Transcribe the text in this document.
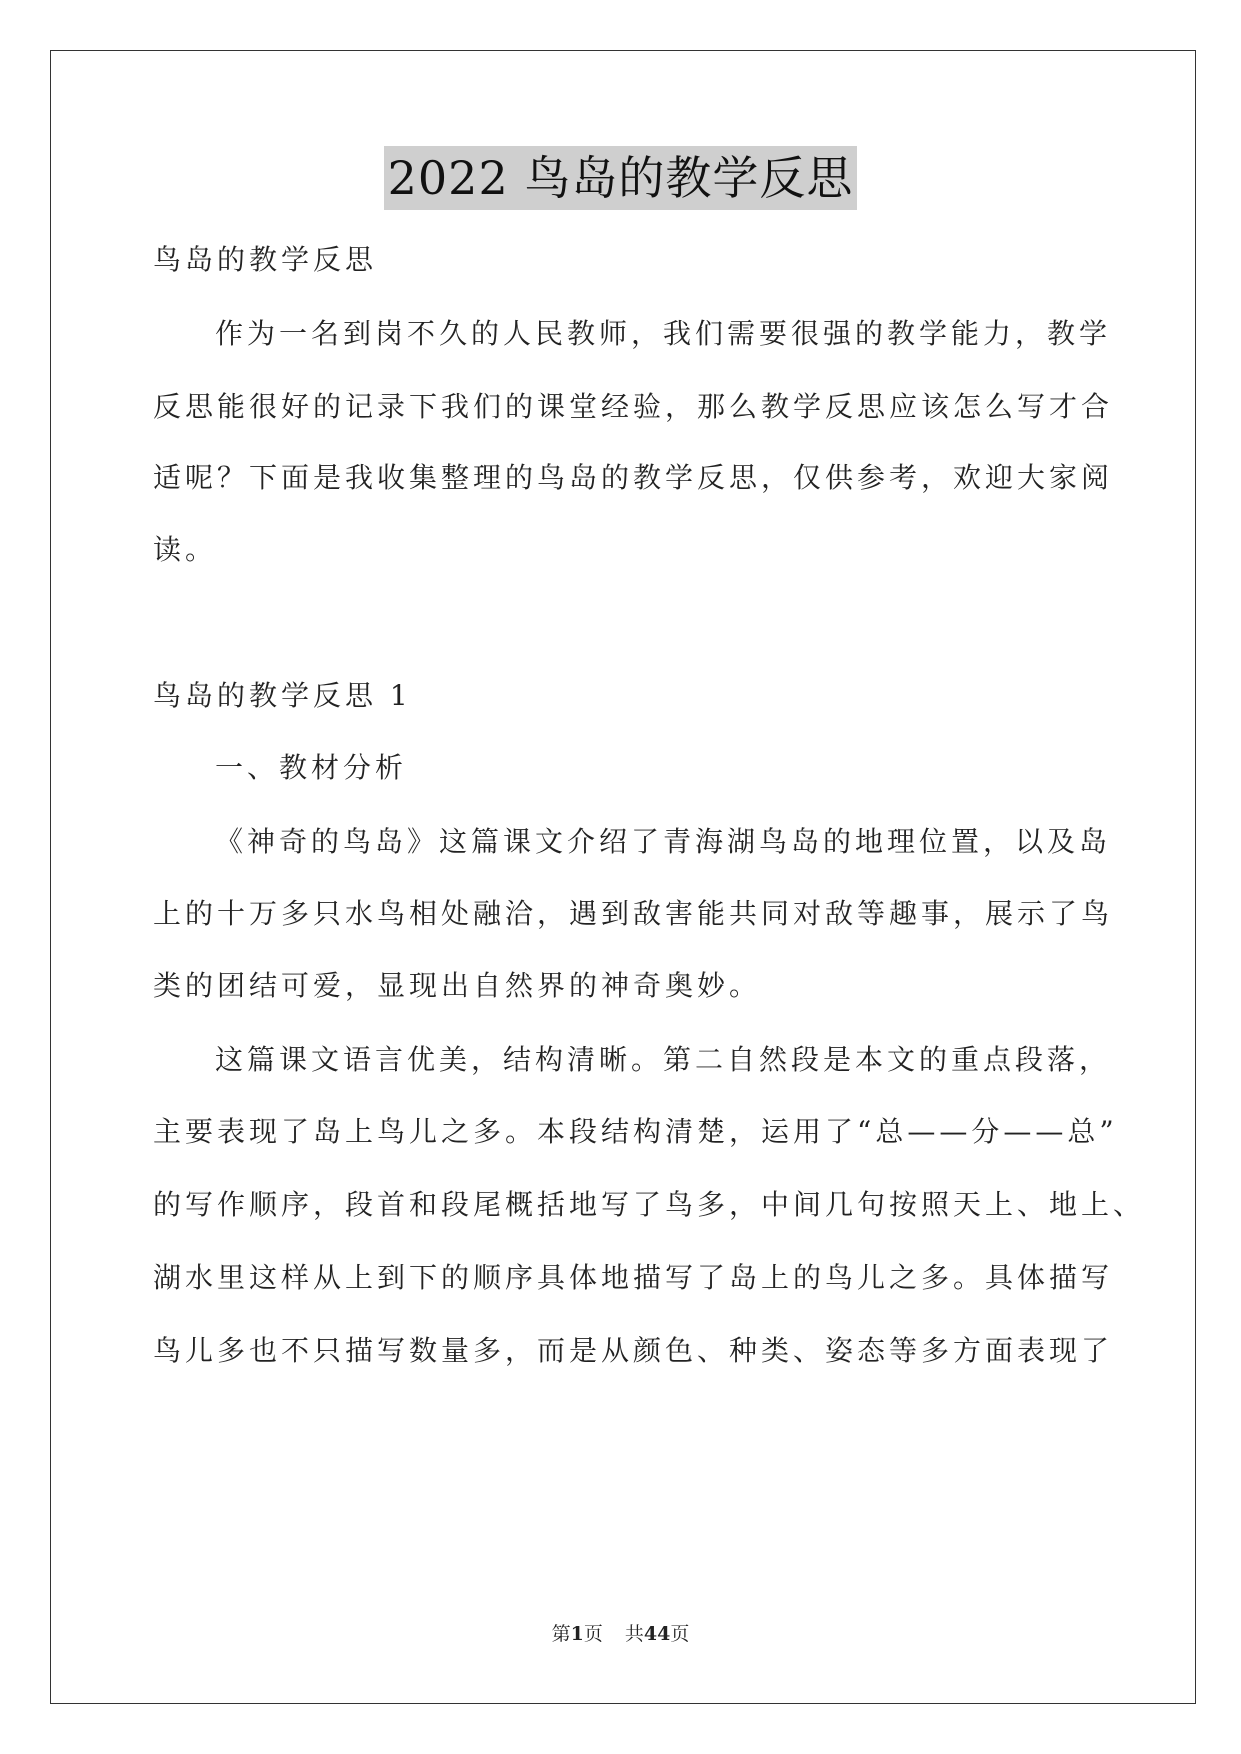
2022 鸟岛的教学反思
鸟岛的教学反思
作为一名到岗不久的人民教师，我们需要很强的教学能力，教学
反思能很好的记录下我们的课堂经验，那么教学反思应该怎么写才合
适呢？下面是我收集整理的鸟岛的教学反思，仅供参考，欢迎大家阅
读。
鸟岛的教学反思 1
一、教材分析
《神奇的鸟岛》这篇课文介绍了青海湖鸟岛的地理位置，以及岛
上的十万多只水鸟相处融洽，遇到敌害能共同对敌等趣事，展示了鸟
类的团结可爱，显现出自然界的神奇奥妙。
这篇课文语言优美，结构清晰。第二自然段是本文的重点段落，
主要表现了岛上鸟儿之多。本段结构清楚，运用了“总——分——总”
的写作顺序，段首和段尾概括地写了鸟多，中间几句按照天上、地上、
湖水里这样从上到下的顺序具体地描写了岛上的鸟儿之多。具体描写
鸟儿多也不只描写数量多，而是从颜色、种类、姿态等多方面表现了
第1页 共44页
